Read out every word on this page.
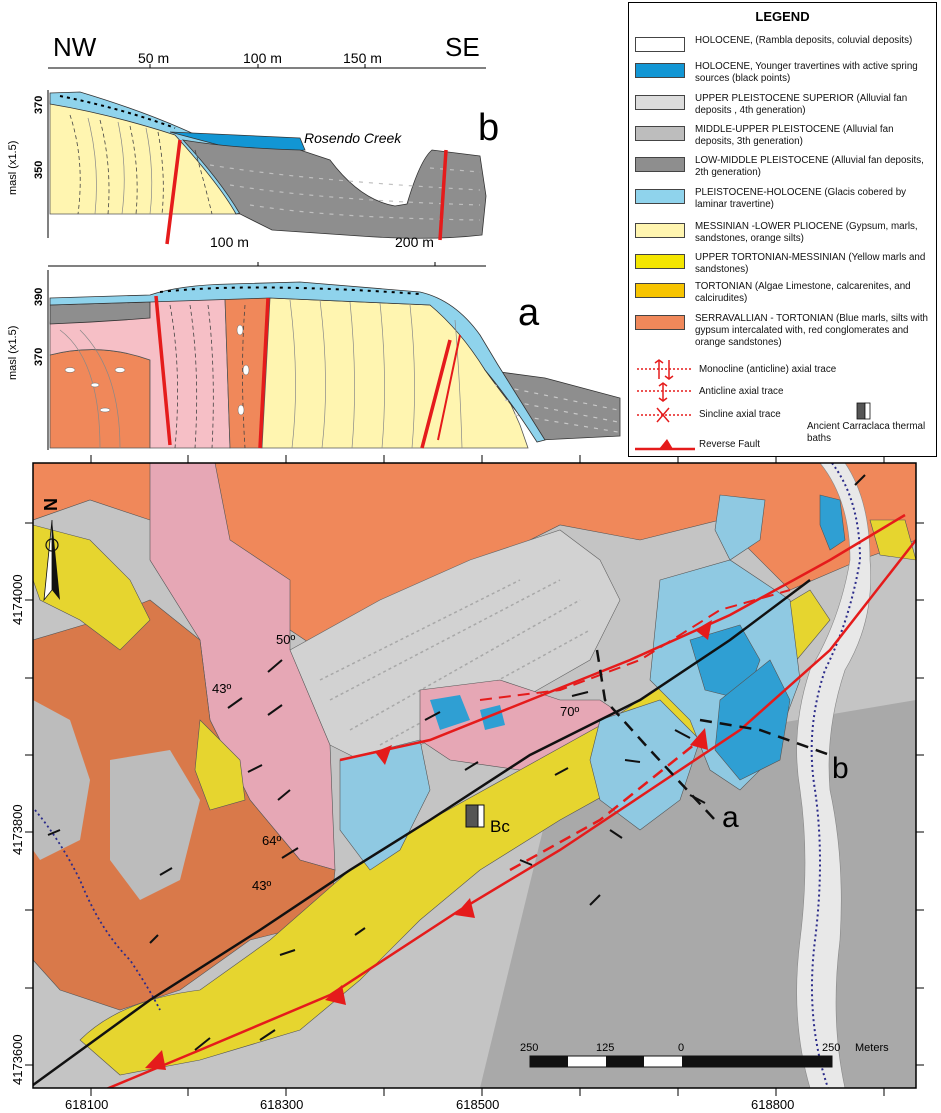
NW	SE
50 m	100 m	150 m
masl (x1.5)
370
350
Rosendo Creek b
100 m	200 m
masl (x1.5)
390
370
a
N
4174000
4173800
4173600
618100	618300	618500	618800
50º
43º
70º
64º
43º
Bc	a
b
250	125	0	250 Meters
LEGEND
HOLOCENE, (Rambla deposits, coluvial deposits)
HOLOCENE, Younger travertines with active spring sources (black points)
UPPER PLEISTOCENE SUPERIOR (Alluvial fan deposits , 4th generation)
MIDDLE-UPPER PLEISTOCENE (Alluvial fan deposits, 3th generation)
LOW-MIDDLE PLEISTOCENE (Alluvial fan deposits, 2th generation)
PLEISTOCENE-HOLOCENE (Glacis cobered by laminar travertine)
MESSINIAN -LOWER PLIOCENE (Gypsum, marls, sandstones, orange silts)
UPPER TORTONIAN-MESSINIAN (Yellow marls and sandstones)
TORTONIAN (Algae Limestone, calcarenites, and calcirudites)
SERRAVALLIAN - TORTONIAN (Blue marls, silts with gypsum intercalated with, red conglomerates and orange sandstones)
Monocline (anticline) axial trace
Anticline axial trace
Sincline axial trace
Reverse Fault
Ancient Carraclaca thermal baths
